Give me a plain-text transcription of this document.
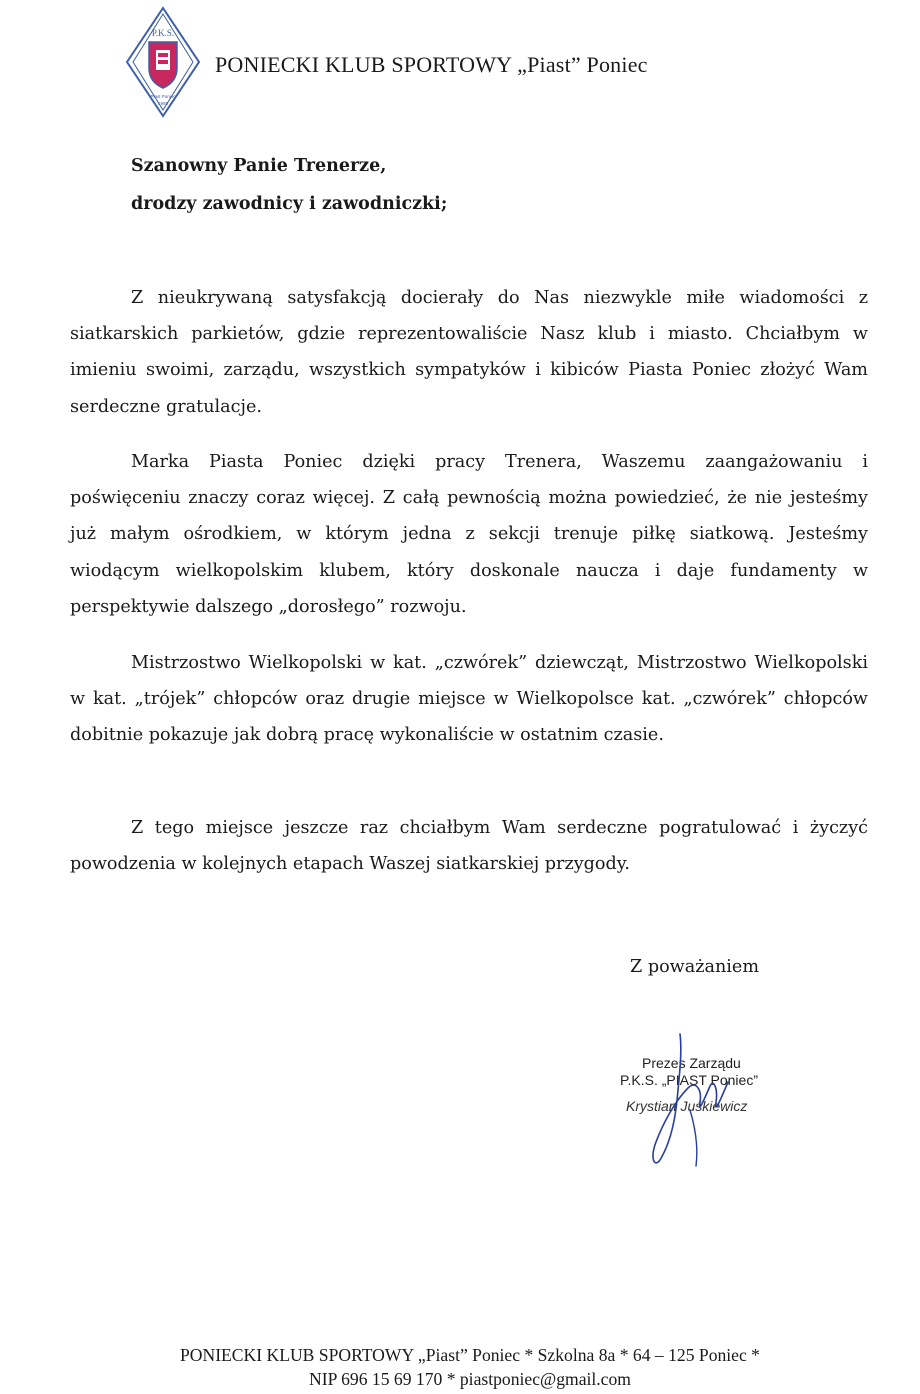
P.K.S.
Piast Poniec
1985
PONIECKI KLUB SPORTOWY „Piast” Poniec
Szanowny Panie Trenerze,
drodzy zawodnicy i zawodniczki;

Z nieukrywaną satysfakcją docierały do Nas niezwykle miłe wiadomości z siatkarskich parkietów, gdzie reprezentowaliście Nasz klub i miasto. Chciałbym w imieniu swoimi, zarządu, wszystkich sympatyków i kibiców Piasta Poniec złożyć Wam serdeczne gratulacje.

Marka Piasta Poniec dzięki pracy Trenera, Waszemu zaangażowaniu i poświęceniu znaczy coraz więcej. Z całą pewnością można powiedzieć, że nie jesteśmy już małym ośrodkiem, w którym jedna z sekcji trenuje piłkę siatkową. Jesteśmy wiodącym wielkopolskim klubem, który doskonale naucza i daje fundamenty w perspektywie dalszego „dorosłego” rozwoju.

Mistrzostwo Wielkopolski w kat. „czwórek” dziewcząt, Mistrzostwo Wielkopolski w kat. „trójek” chłopców oraz drugie miejsce w Wielkopolsce kat. „czwórek” chłopców dobitnie pokazuje jak dobrą pracę wykonaliście w ostatnim czasie.

Z tego miejsce jeszcze raz chciałbym Wam serdeczne pogratulować i życzyć powodzenia w kolejnych etapach Waszej siatkarskiej przygody.

Z poważaniem
Prezes Zarządu
P.K.S. „PIAST Poniec”
Krystian Juśkiewicz
PONIECKI KLUB SPORTOWY „Piast” Poniec * Szkolna 8a * 64 – 125 Poniec *
NIP 696 15 69 170 * piastponiec@gmail.com
